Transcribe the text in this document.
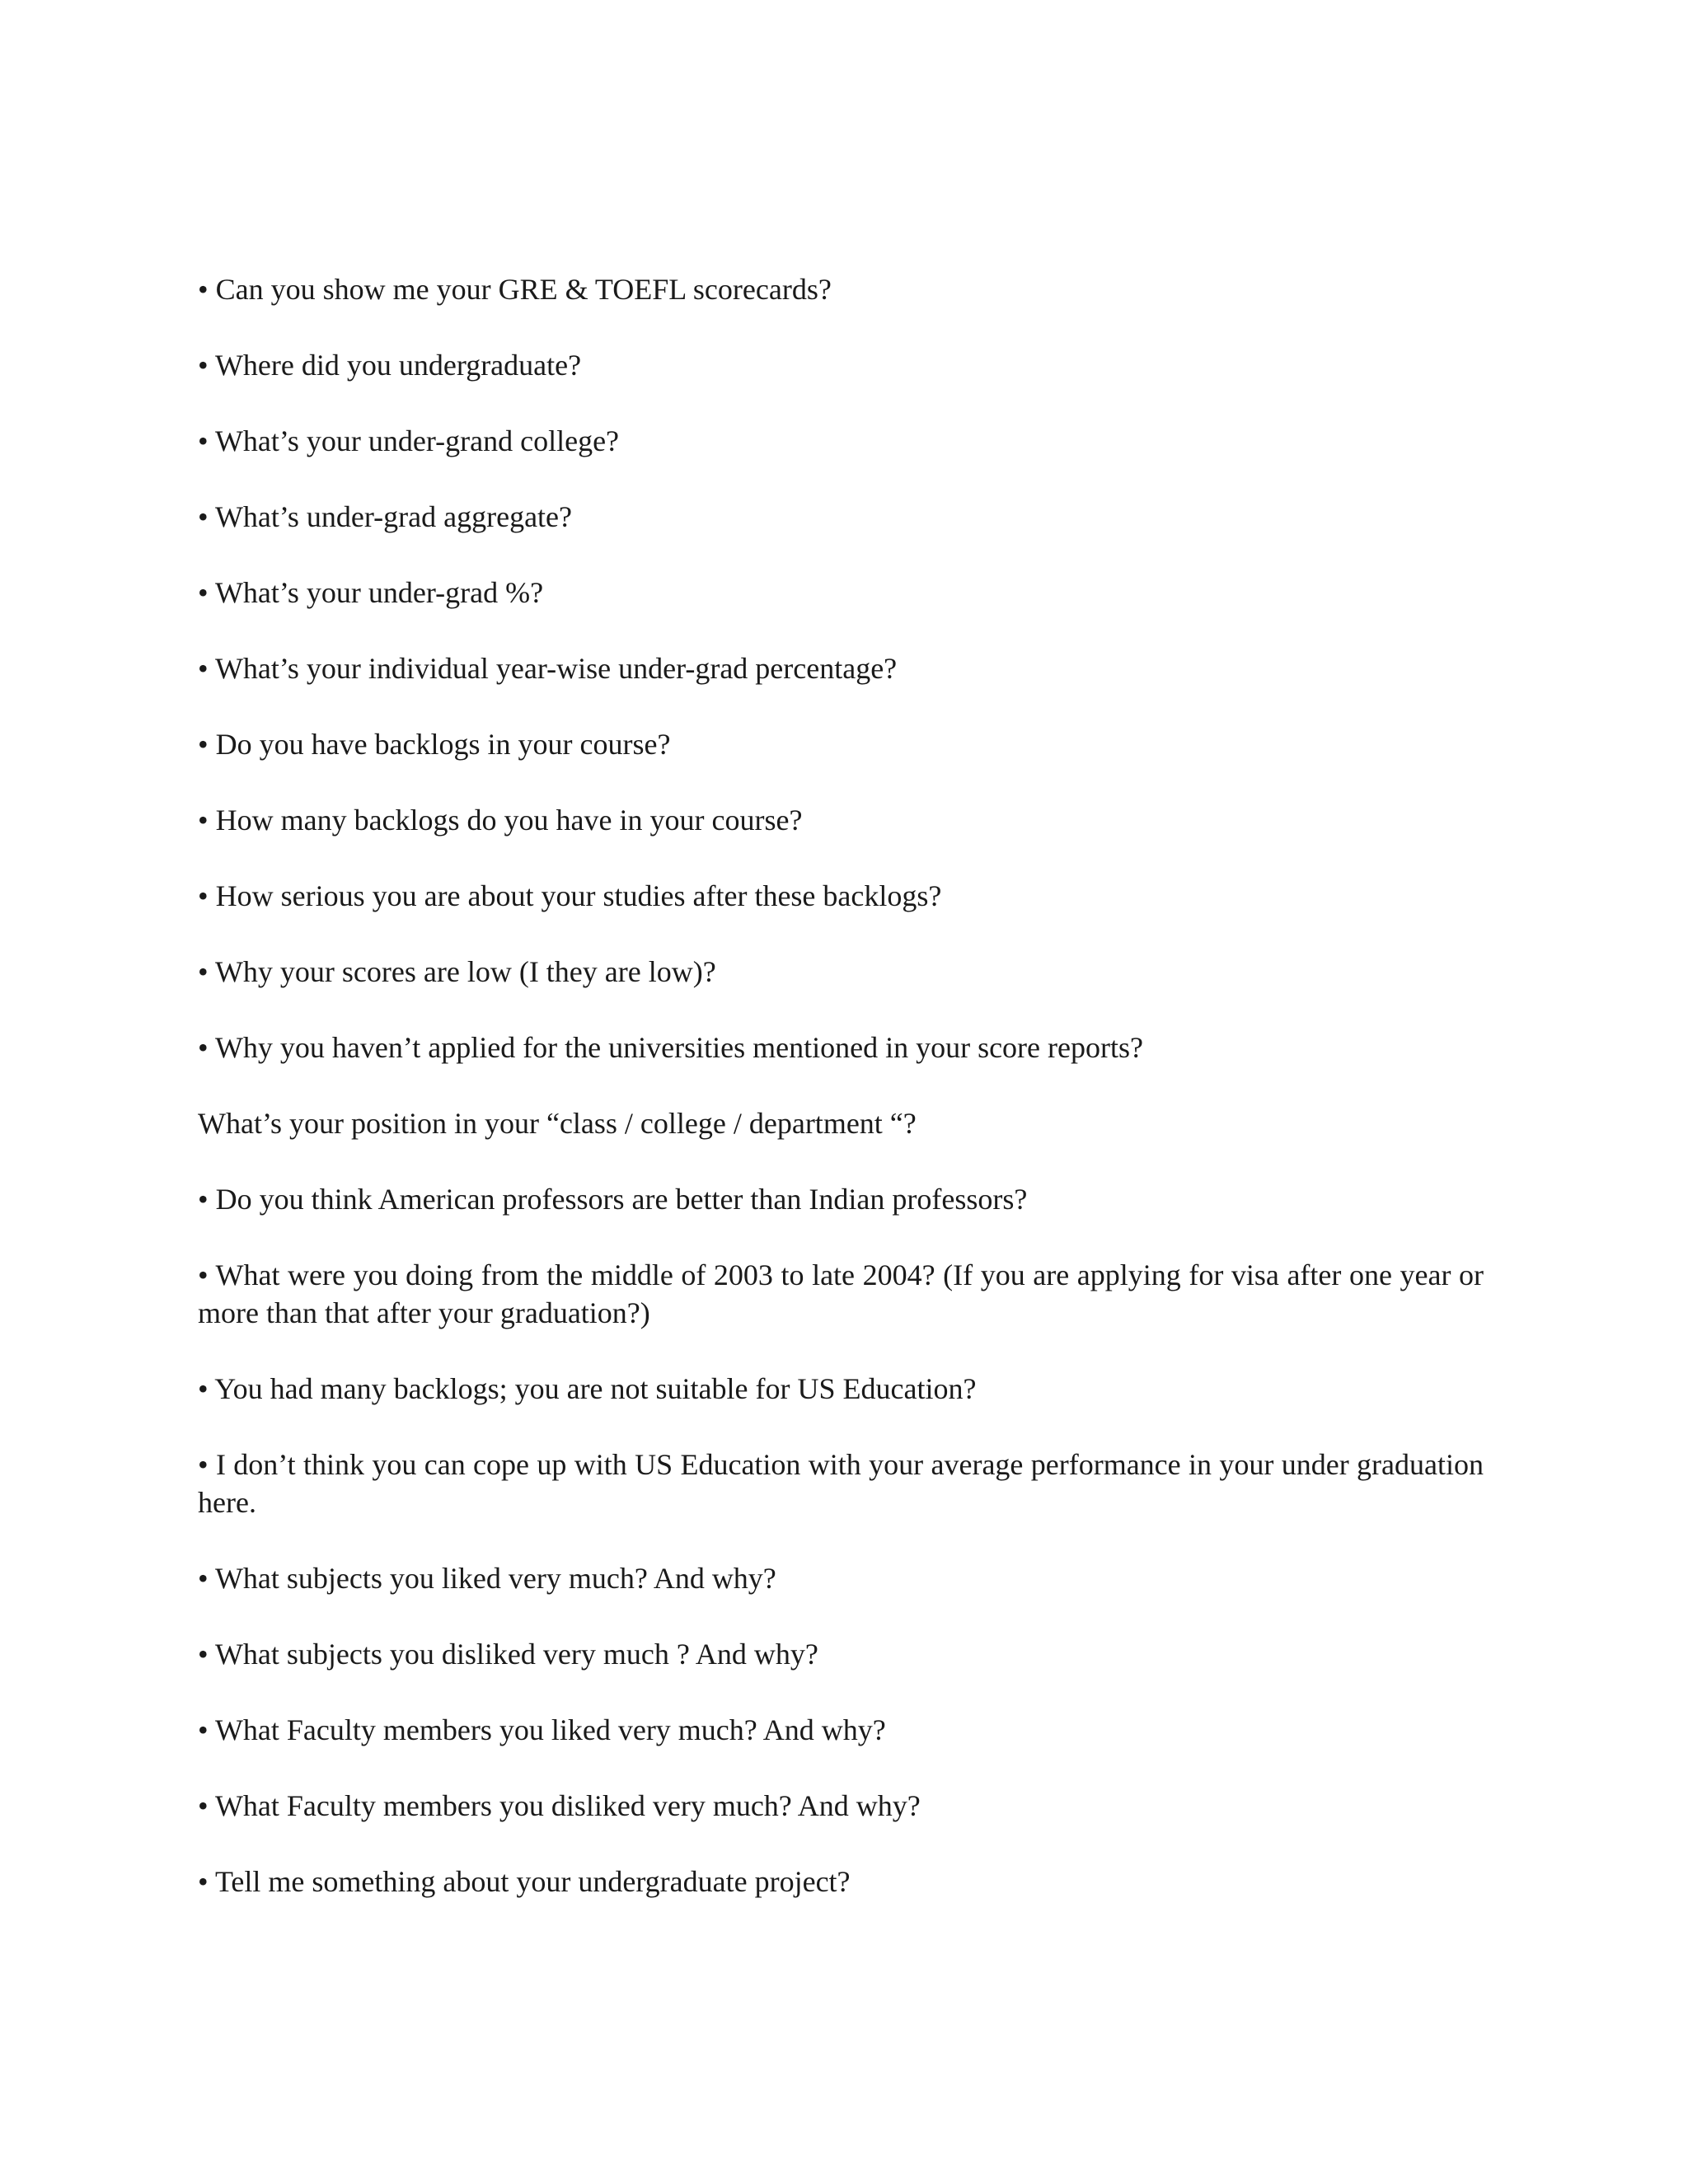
• Can you show me your GRE & TOEFL scorecards?
• Where did you undergraduate?
• What’s your under-grand college?
• What’s under-grad aggregate?
• What’s your under-grad %?
• What’s your individual year-wise under-grad percentage?
• Do you have backlogs in your course?
• How many backlogs do you have in your course?
• How serious you are about your studies after these backlogs?
• Why your scores are low (I they are low)?
• Why you haven’t applied for the universities mentioned in your score reports?
What’s your position in your “class / college / department “?
• Do you think American professors are better than Indian professors?
• What were you doing from the middle of 2003 to late 2004? (If you are applying for visa after one year or more than that after your graduation?)
• You had many backlogs; you are not suitable for US Education?
• I don’t think you can cope up with US Education with your average performance in your under graduation here.
• What subjects you liked very much? And why?
• What subjects you disliked very much ? And why?
• What Faculty members you liked very much? And why?
• What Faculty members you disliked very much? And why?
• Tell me something about your undergraduate project?
